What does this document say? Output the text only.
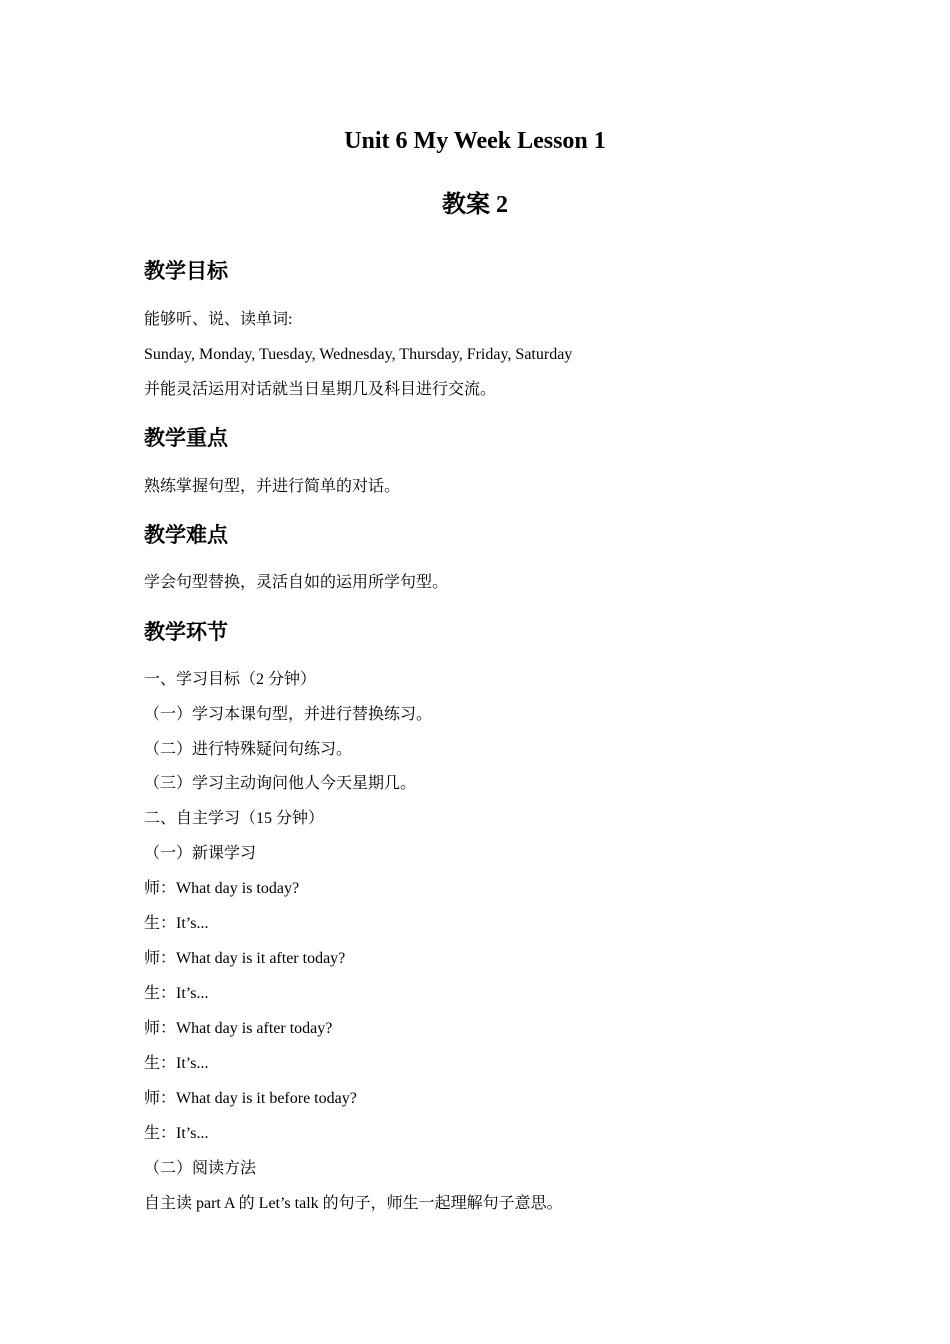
Unit 6 My Week Lesson 1
教案 2
教学目标

能够听、说、读单词:

Sunday, Monday, Tuesday, Wednesday, Thursday, Friday, Saturday

并能灵活运用对话就当日星期几及科目进行交流。

教学重点

熟练掌握句型，并进行简单的对话。

教学难点

学会句型替换，灵活自如的运用所学句型。

教学环节

一、学习目标（2 分钟）

（一）学习本课句型，并进行替换练习。

（二）进行特殊疑问句练习。

（三）学习主动询问他人今天星期几。

二、自主学习（15 分钟）

（一）新课学习

师：What day is today?

生：It’s...

师：What day is it after today?

生：It’s...

师：What day is after today?

生：It’s...

师：What day is it before today?

生：It’s...

（二）阅读方法

自主读 part A 的 Let’s talk 的句子，师生一起理解句子意思。
